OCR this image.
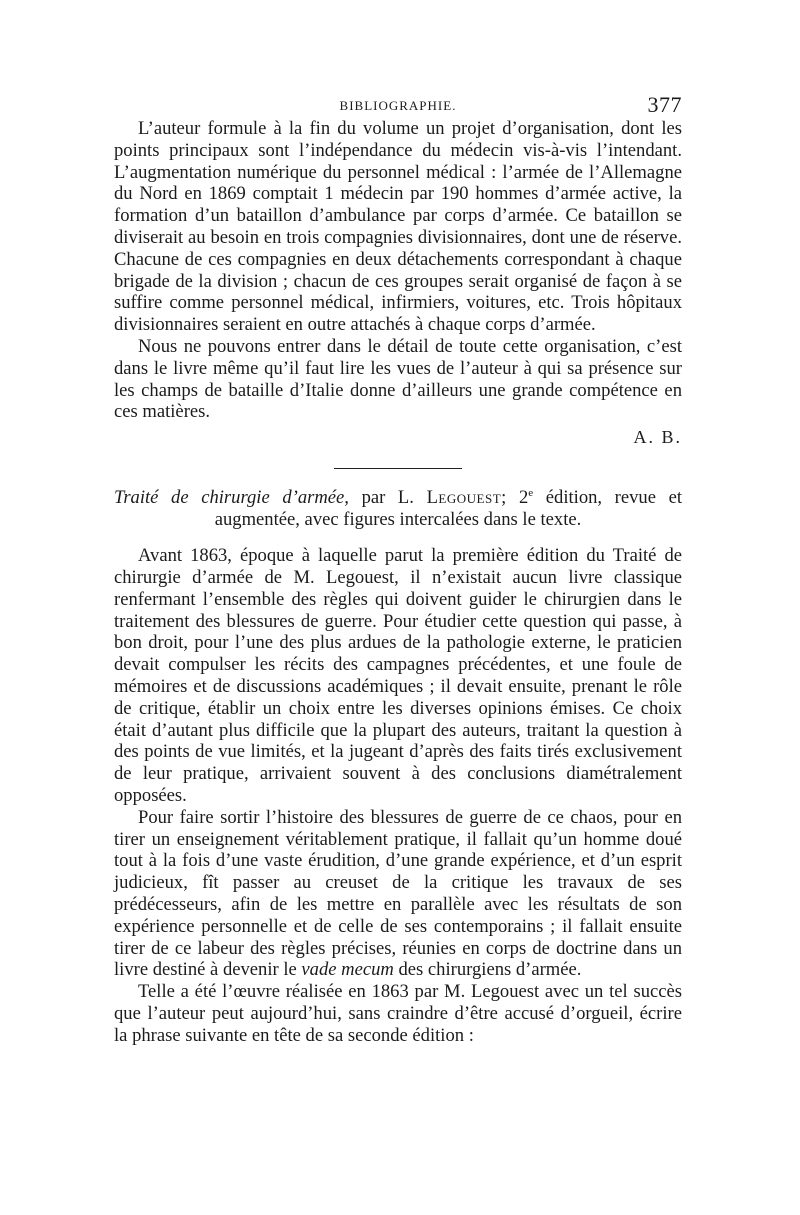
BIBLIOGRAPHIE.	377

L’auteur formule à la fin du volume un projet d’organisation, dont les points principaux sont l’indépendance du médecin vis-à-vis l’intendant. L’augmentation numérique du personnel médical : l’armée de l’Allemagne du Nord en 1869 comptait 1 médecin par 190 hommes d’armée active, la formation d’un bataillon d’ambulance par corps d’armée. Ce bataillon se diviserait au besoin en trois compagnies divisionnaires, dont une de réserve. Chacune de ces compagnies en deux détachements correspondant à chaque brigade de la division ; chacun de ces groupes serait organisé de façon à se suffire comme personnel médical, infirmiers, voitures, etc. Trois hôpitaux divisionnaires seraient en outre attachés à chaque corps d’armée.

Nous ne pouvons entrer dans le détail de toute cette organisation, c’est dans le livre même qu’il faut lire les vues de l’auteur à qui sa présence sur les champs de bataille d’Italie donne d’ailleurs une grande compétence en ces matières.

A. B.
Traité de chirurgie d’armée, par L. Legouest; 2e édition, revue et
augmentée, avec figures intercalées dans le texte.

Avant 1863, époque à laquelle parut la première édition du Traité de chirurgie d’armée de M. Legouest, il n’existait aucun livre classique renfermant l’ensemble des règles qui doivent guider le chirurgien dans le traitement des blessures de guerre. Pour étudier cette question qui passe, à bon droit, pour l’une des plus ardues de la pathologie externe, le praticien devait compulser les récits des campagnes précédentes, et une foule de mémoires et de discussions académiques ; il devait ensuite, prenant le rôle de critique, établir un choix entre les diverses opinions émises. Ce choix était d’autant plus difficile que la plupart des auteurs, traitant la question à des points de vue limités, et la jugeant d’après des faits tirés exclusivement de leur pratique, arrivaient souvent à des conclusions diamétralement opposées.

Pour faire sortir l’histoire des blessures de guerre de ce chaos, pour en tirer un enseignement véritablement pratique, il fallait qu’un homme doué tout à la fois d’une vaste érudition, d’une grande expérience, et d’un esprit judicieux, fît passer au creuset de la critique les travaux de ses prédécesseurs, afin de les mettre en parallèle avec les résultats de son expérience personnelle et de celle de ses contemporains ; il fallait ensuite tirer de ce labeur des règles précises, réunies en corps de doctrine dans un livre destiné à devenir le vade mecum des chirurgiens d’armée.

Telle a été l’œuvre réalisée en 1863 par M. Legouest avec un tel succès que l’auteur peut aujourd’hui, sans craindre d’être accusé d’orgueil, écrire la phrase suivante en tête de sa seconde édition :
